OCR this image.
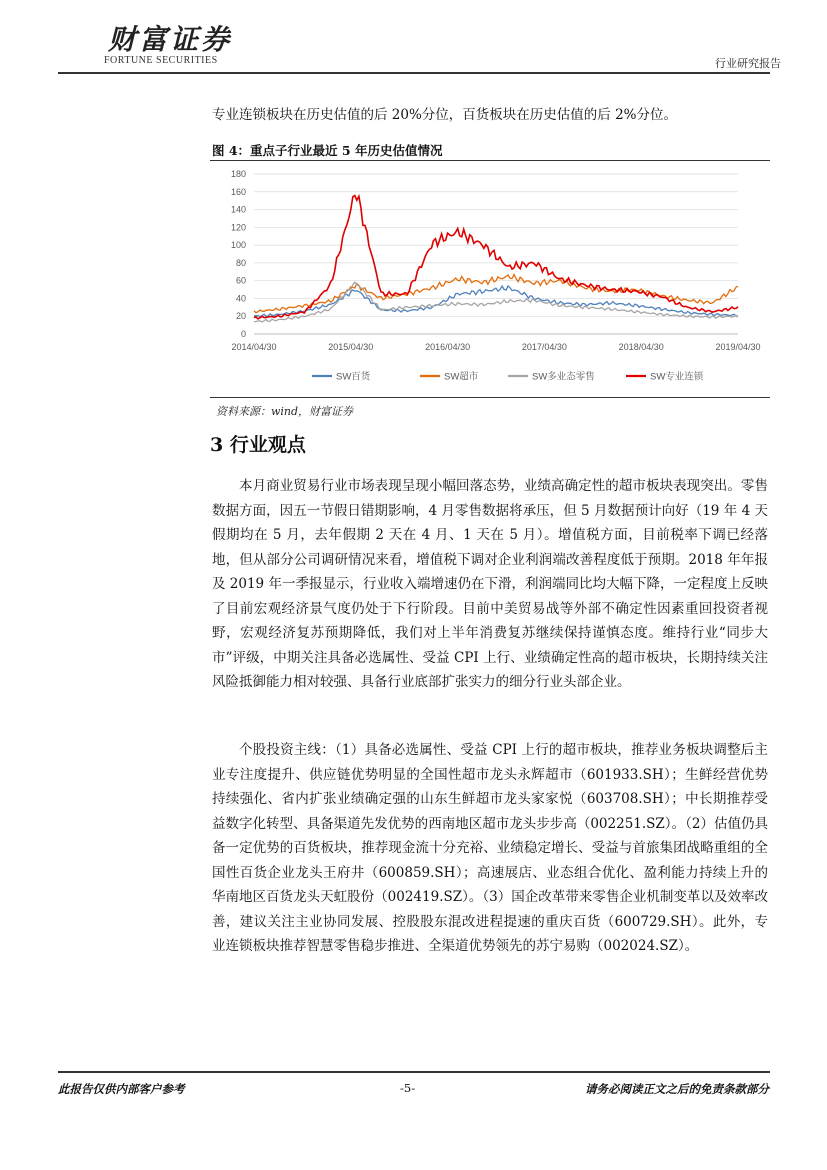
财富证券
FORTUNE SECURITIES	行业研究报告

专业连锁板块在历史估值的后 20%分位，百货板块在历史估值的后 2%分位。

图 4：重点子行业最近 5 年历史估值情况
0
20
40
60
80
100
120
140
160
180
2014/04/30	2015/04/30	2016/04/30	2017/04/30	2018/04/30	2019/04/30
SW百货	SW超市	SW多业态零售	SW专业连锁
资料来源：wind，财富证券
3 行业观点

本月商业贸易行业市场表现呈现小幅回落态势，业绩高确定性的超市板块表现突出。零售数据方面，因五一节假日错期影响，4 月零售数据将承压，但 5 月数据预计向好（19 年 4 天假期均在 5 月，去年假期 2 天在 4 月、1 天在 5 月）。增值税方面，目前税率下调已经落地，但从部分公司调研情况来看，增值税下调对企业利润端改善程度低于预期。2018 年年报及 2019 年一季报显示，行业收入端增速仍在下滑，利润端同比均大幅下降，一定程度上反映了目前宏观经济景气度仍处于下行阶段。目前中美贸易战等外部不确定性因素重回投资者视野，宏观经济复苏预期降低，我们对上半年消费复苏继续保持谨慎态度。维持行业“同步大市”评级，中期关注具备必选属性、受益 CPI 上行、业绩确定性高的超市板块，长期持续关注风险抵御能力相对较强、具备行业底部扩张实力的细分行业头部企业。

个股投资主线：（1）具备必选属性、受益 CPI 上行的超市板块，推荐业务板块调整后主业专注度提升、供应链优势明显的全国性超市龙头永辉超市（601933.SH）；生鲜经营优势持续强化、省内扩张业绩确定强的山东生鲜超市龙头家家悦（603708.SH）；中长期推荐受益数字化转型、具备渠道先发优势的西南地区超市龙头步步高（002251.SZ）。（2）估值仍具备一定优势的百货板块，推荐现金流十分充裕、业绩稳定增长、受益与首旅集团战略重组的全国性百货企业龙头王府井（600859.SH）；高速展店、业态组合优化、盈利能力持续上升的华南地区百货龙头天虹股份（002419.SZ）。（3）国企改革带来零售企业机制变革以及效率改善，建议关注主业协同发展、控股股东混改进程提速的重庆百货（600729.SH）。此外，专业连锁板块推荐智慧零售稳步推进、全渠道优势领先的苏宁易购（002024.SZ）。

此报告仅供内部客户参考	-5-	请务必阅读正文之后的免责条款部分
